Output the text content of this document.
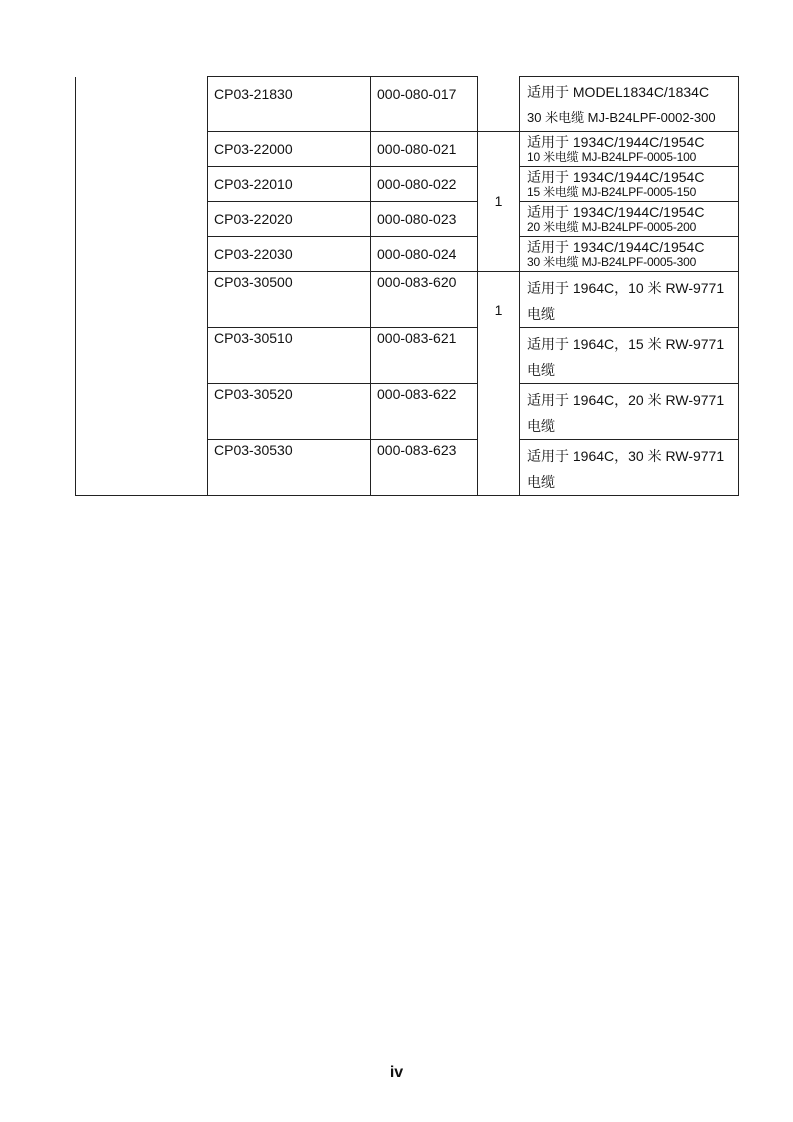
	CP03-21830	000-080-017		适用于 MODEL1834C/1834C
30 米电缆 MJ-B24LPF-0002-300

	CP03-22000	000-080-021	1	适用于 1934C/1944C/1954C
10 米电缆 MJ-B24LPF-0005-100

	CP03-22010	000-080-022		适用于 1934C/1944C/1954C
15 米电缆 MJ-B24LPF-0005-150

	CP03-22020	000-080-023		适用于 1934C/1944C/1954C
20 米电缆 MJ-B24LPF-0005-200

	CP03-22030	000-080-024		适用于 1934C/1944C/1954C
30 米电缆 MJ-B24LPF-0005-300

	CP03-30500	000-083-620	1	适用于 1964C，10 米 RW-9771
电缆

	CP03-30510	000-083-621		适用于 1964C，15 米 RW-9771
电缆

	CP03-30520	000-083-622		适用于 1964C，20 米 RW-9771
电缆

	CP03-30530	000-083-623		适用于 1964C，30 米 RW-9771
电缆
iv
